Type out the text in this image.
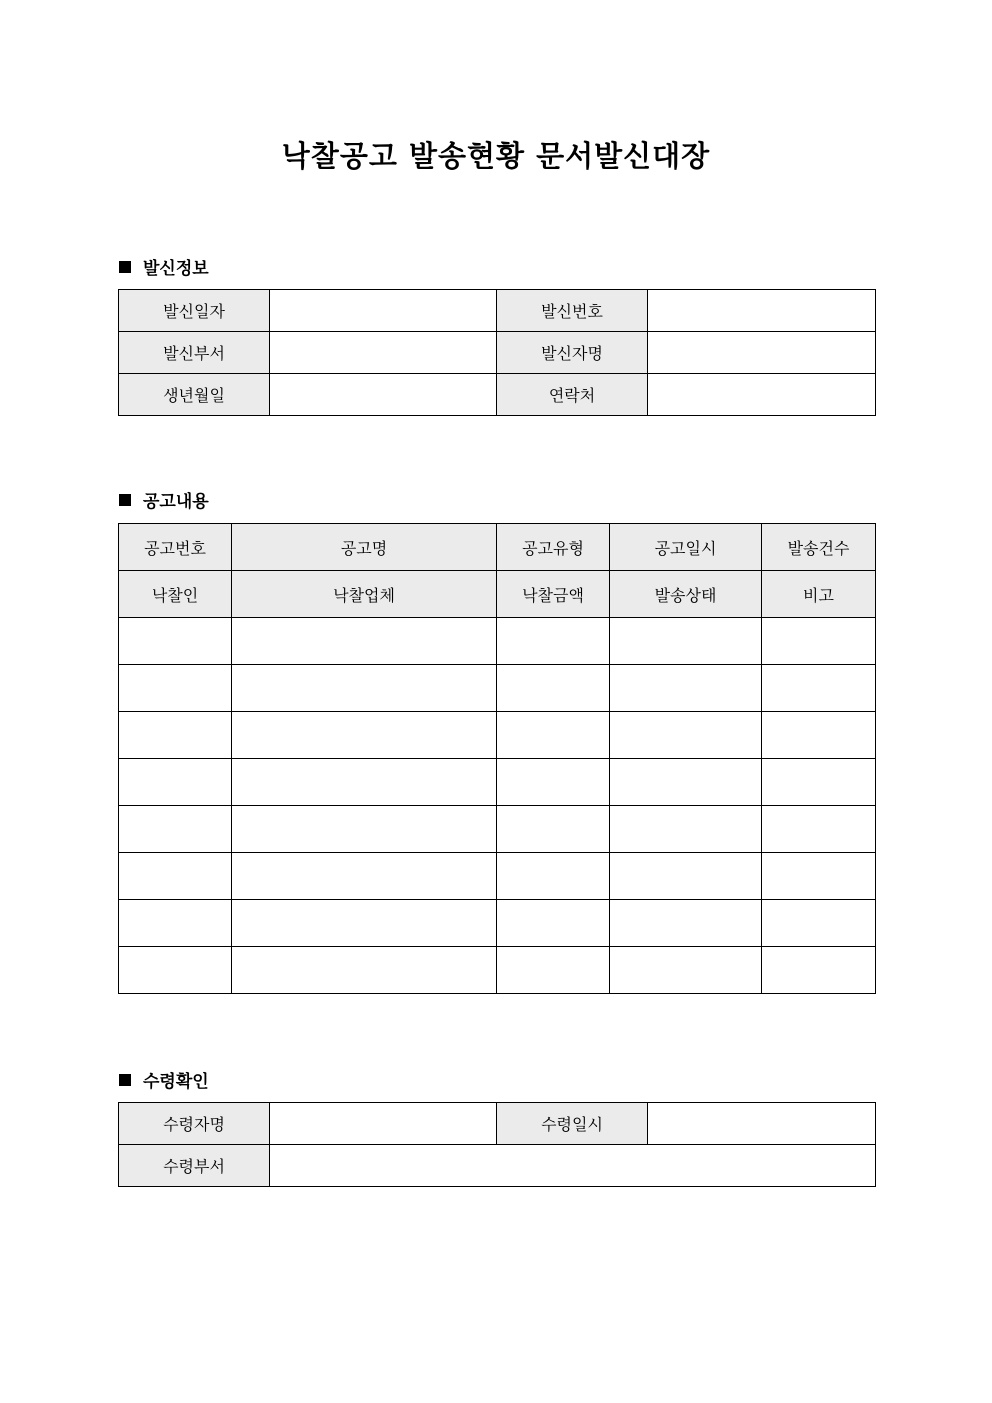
낙찰공고 발송현황 문서발신대장
발신정보
발신일자		발신번호	
발신부서		발신자명	
생년월일		연락처	
공고내용
공고번호	공고명	공고유형	공고일시	발송건수
낙찰인	낙찰업체	낙찰금액	발송상태	비고

수령확인
수령자명		수령일시	
수령부서			
